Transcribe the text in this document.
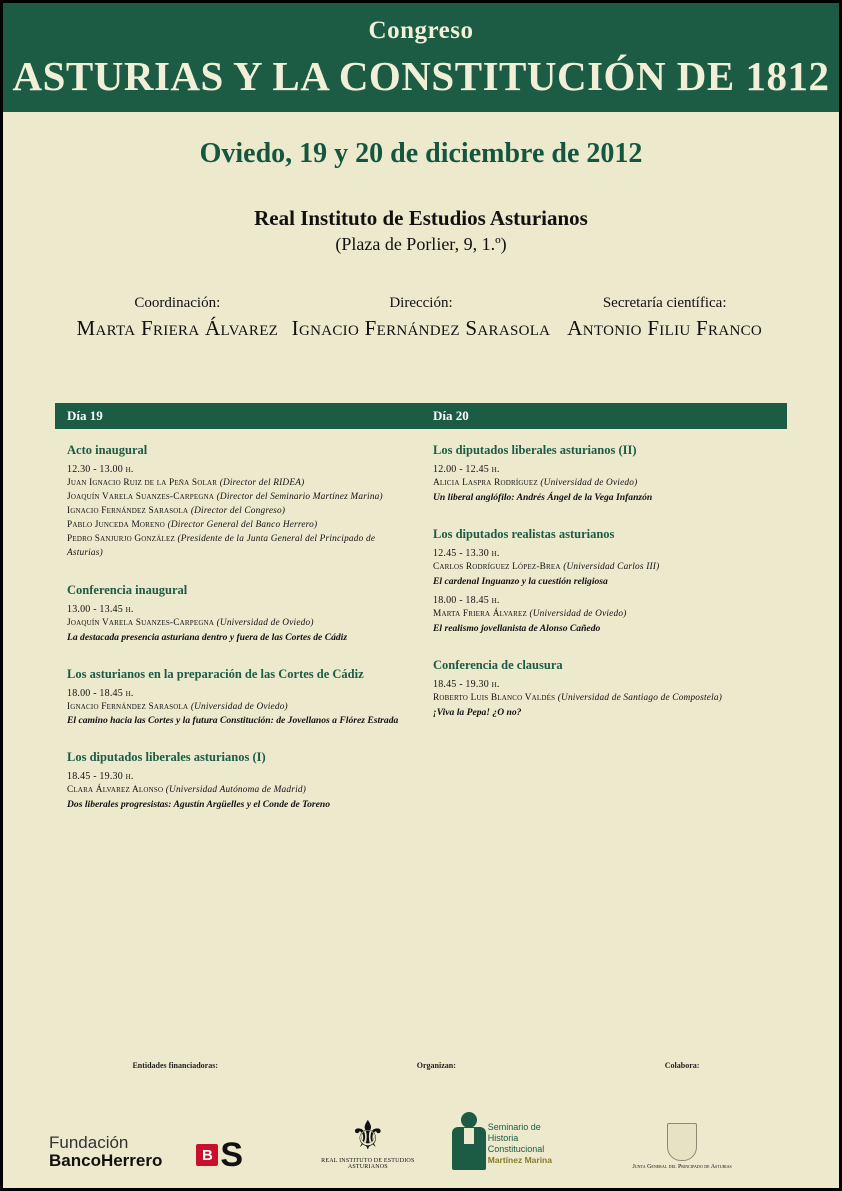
Congreso
ASTURIAS Y LA CONSTITUCIÓN DE 1812
Oviedo, 19 y 20 de diciembre de 2012
Real Instituto de Estudios Asturianos
(Plaza de Porlier, 9, 1.º)
Coordinación:
Marta Friera Álvarez
Dirección:
Ignacio Fernández Sarasola
Secretaría científica:
Antonio Filiu Franco
Día 19	Día 20
Acto inaugural
12.30 - 13.00 h.
Juan Ignacio Ruiz de la Peña Solar (Director del RIDEA)
Joaquín Varela Suanzes-Carpegna (Director del Seminario Martínez Marina)
Ignacio Fernández Sarasola (Director del Congreso)
Pablo Junceda Moreno (Director General del Banco Herrero)
Pedro Sanjurjo González (Presidente de la Junta General del Principado de Asturias)
Conferencia inaugural
13.00 - 13.45 h.
Joaquín Varela Suanzes-Carpegna (Universidad de Oviedo)
La destacada presencia asturiana dentro y fuera de las Cortes de Cádiz
Los asturianos en la preparación de las Cortes de Cádiz
18.00 - 18.45 h.
Ignacio Fernández Sarasola (Universidad de Oviedo)
El camino hacia las Cortes y la futura Constitución: de Jovellanos a Flórez Estrada
Los diputados liberales asturianos (I)
18.45 - 19.30 h.
Clara Álvarez Alonso (Universidad Autónoma de Madrid)
Dos liberales progresistas: Agustín Argüelles y el Conde de Toreno
Los diputados liberales asturianos (II)
12.00 - 12.45 h.
Alicia Laspra Rodríguez (Universidad de Oviedo)
Un liberal anglófilo: Andrés Ángel de la Vega Infanzón
Los diputados realistas asturianos
12.45 - 13.30 h.
Carlos Rodríguez López-Brea (Universidad Carlos III)
El cardenal Inguanzo y la cuestión religiosa
18.00 - 18.45 h.
Marta Friera Álvarez (Universidad de Oviedo)
El realismo jovellanista de Alonso Cañedo
Conferencia de clausura
18.45 - 19.30 h.
Roberto Luis Blanco Valdés (Universidad de Santiago de Compostela)
¡Viva la Pepa! ¿O no?
Entidades financiadoras:	Organizan:	Colabora:
Fundación
BancoHerrero	B S	⚜
REAL INSTITUTO DE ESTUDIOS ASTURIANOS
Seminario de
Historia Constitucional
Martínez Marina
Junta General del Principado de Asturias
